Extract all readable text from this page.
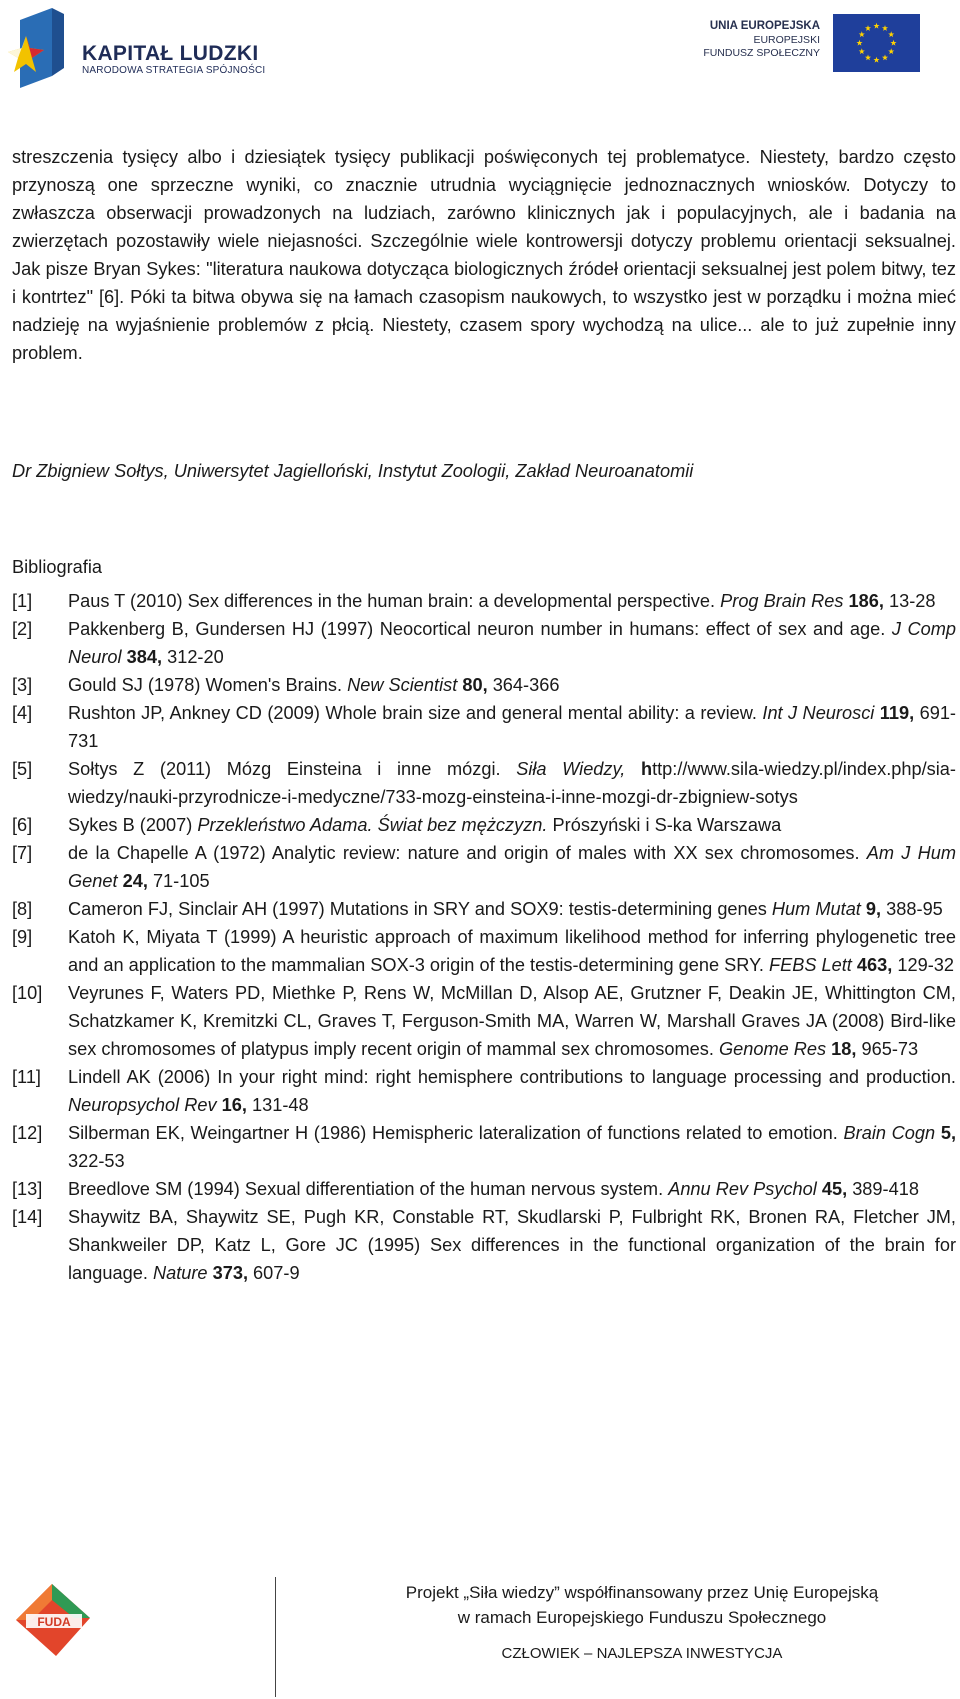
KAPITAŁ LUDZKI
NARODOWA STRATEGIA SPÓJNOŚCI
UNIA EUROPEJSKA
EUROPEJSKI
FUNDUSZ SPOŁECZNY

streszczenia tysięcy albo i dziesiątek tysięcy publikacji poświęconych tej problematyce. Niestety, bardzo często przynoszą one sprzeczne wyniki, co znacznie utrudnia wyciągnięcie jednoznacznych wniosków. Dotyczy to zwłaszcza obserwacji prowadzonych na ludziach, zarówno klinicznych jak i populacyjnych, ale i badania na zwierzętach pozostawiły wiele niejasności. Szczególnie wiele kontrowersji dotyczy problemu orientacji seksualnej. Jak pisze Bryan Sykes: "literatura naukowa dotycząca biologicznych źródeł orientacji seksualnej jest polem bitwy, tez i kontrtez" [6]. Póki ta bitwa obywa się na łamach czasopism naukowych, to wszystko jest w porządku i można mieć nadzieję na wyjaśnienie problemów z płcią. Niestety, czasem spory wychodzą na ulice... ale to już zupełnie inny problem.

Dr Zbigniew Sołtys, Uniwersytet Jagielloński, Instytut Zoologii, Zakład Neuroanatomii
Bibliografia
[1]	Paus T (2010) Sex differences in the human brain: a developmental perspective. Prog Brain Res 186, 13-28
[2]	Pakkenberg B, Gundersen HJ (1997) Neocortical neuron number in humans: effect of sex and age. J Comp Neurol 384, 312-20
[3]	Gould SJ (1978) Women's Brains. New Scientist 80, 364-366
[4]	Rushton JP, Ankney CD (2009) Whole brain size and general mental ability: a review. Int J Neurosci 119, 691-731
[5]	Sołtys Z (2011) Mózg Einsteina i inne mózgi. Siła Wiedzy, http://www.sila-wiedzy.pl/index.php/sia-wiedzy/nauki-przyrodnicze-i-medyczne/733-mozg-einsteina-i-inne-mozgi-dr-zbigniew-sotys
[6]	Sykes B (2007) Przekleństwo Adama. Świat bez mężczyzn. Prószyński i S-ka Warszawa
[7]	de la Chapelle A (1972) Analytic review: nature and origin of males with XX sex chromosomes. Am J Hum Genet 24, 71-105
[8]	Cameron FJ, Sinclair AH (1997) Mutations in SRY and SOX9: testis-determining genes Hum Mutat 9, 388-95
[9]	Katoh K, Miyata T (1999) A heuristic approach of maximum likelihood method for inferring phylogenetic tree and an application to the mammalian SOX-3 origin of the testis-determining gene SRY. FEBS Lett 463, 129-32
[10]	Veyrunes F, Waters PD, Miethke P, Rens W, McMillan D, Alsop AE, Grutzner F, Deakin JE, Whittington CM, Schatzkamer K, Kremitzki CL, Graves T, Ferguson-Smith MA, Warren W, Marshall Graves JA (2008) Bird-like sex chromosomes of platypus imply recent origin of mammal sex chromosomes. Genome Res 18, 965-73
[11]	Lindell AK (2006) In your right mind: right hemisphere contributions to language processing and production. Neuropsychol Rev 16, 131-48
[12]	Silberman EK, Weingartner H (1986) Hemispheric lateralization of functions related to emotion. Brain Cogn 5, 322-53
[13]	Breedlove SM (1994) Sexual differentiation of the human nervous system. Annu Rev Psychol 45, 389-418
[14]	Shaywitz BA, Shaywitz SE, Pugh KR, Constable RT, Skudlarski P, Fulbright RK, Bronen RA, Fletcher JM, Shankweiler DP, Katz L, Gore JC (1995) Sex differences in the functional organization of the brain for language. Nature 373, 607-9
FUDA
Projekt „Siła wiedzy” współfinansowany przez Unię Europejską
w ramach Europejskiego Funduszu Społecznego
CZŁOWIEK – NAJLEPSZA INWESTYCJA
